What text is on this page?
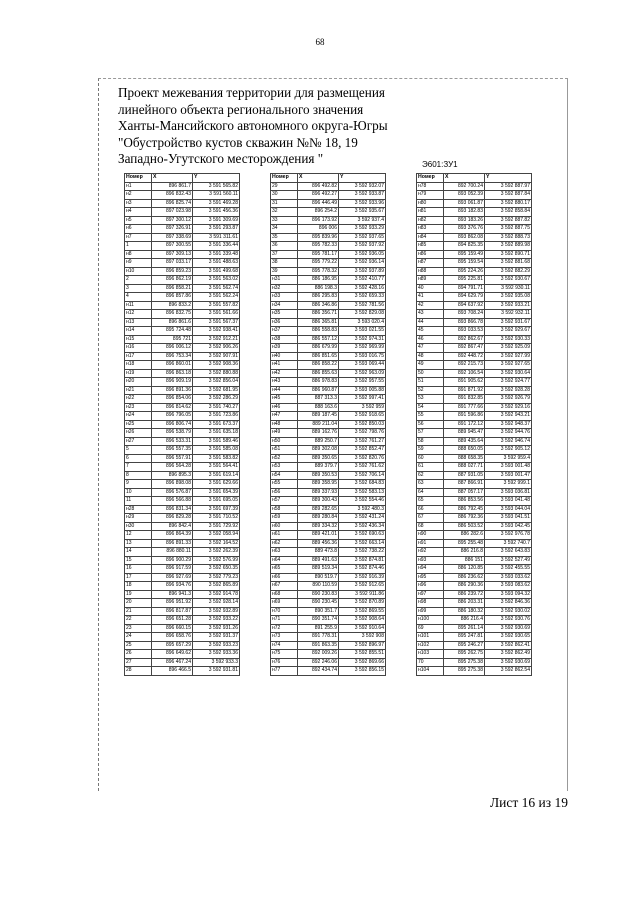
68
Проект межевания территории для размещения
линейного объекта регионального значения
Ханты-Мансийского автономного округа-Югры
"Обустройство кустов скважин №№ 18, 19
Западно-Угутского месторождения "	Э601:ЗУ1
Номер	X	Y
н1	896 861.7	3 591 565.82
н2	896 832.43	3 591 560.11
н3	896 825.74	3 591 469.28
н4	897 023.98	3 591 456.36
н5	897 300.12	3 591 309.69
н6	897 326.91	3 591 293.87
н7	897 338.69	3 591 311.61
1	897 300.55	3 591 336.44
н8	897 309.13	3 591 339.48
н9	897 033.17	3 591 488.63
н10	896 859.23	3 591 499.68
2	896 862.19	3 591 563.02
3	896 858.21	3 591 562.74
4	896 857.86	3 591 562.24
н11	896 833.2	3 591 557.82
н12	896 832.75	3 591 561.66
н13	896 861.6	3 591 567.37
н14	895 724.48	3 592 938.41
н15	895 721	3 592 912.21
н16	896 006.12	3 592 906.26
н17	896 753.34	3 592 907.91
н18	896 860.01	3 592 908.36
н19	896 863.18	3 592 880.88
н20	896 909.19	3 592 856.04
н21	896 891.36	3 592 681.95
н22	896 854.06	3 592 286.29
н23	896 814.62	3 591 740.27
н24	896 796.05	3 591 723.86
н25	896 806.74	3 591 673.37
н26	896 538.79	3 591 635.18
н27	896 533.31	3 591 589.46
5	896 557.35	3 591 585.08
6	896 557.91	3 591 583.82
7	896 564.28	3 591 564.41
8	896 895.3	3 591 619.14
9	896 898.08	3 591 629.66
10	896 576.87	3 591 654.39
11	896 566.88	3 591 695.05
н28	896 831.34	3 591 697.39
н29	896 829.28	3 591 710.52
н30	896 842.4	3 591 729.92
12	896 864.39	3 592 058.94
13	896 891.33	3 592 164.52
14	896 880.11	3 592 262.39
15	896 900.29	3 592 576.99
16	896 917.59	3 592 650.35
17	896 927.69	3 592 779.23
18	896 934.76	3 592 865.89
19	896 941.3	3 592 914.78
20	896 951.92	3 592 928.14
21	896 817.87	3 592 932.89
22	896 651.28	3 592 933.22
23	896 660.15	3 592 931.26
24	896 658.76	3 592 931.37
25	895 657.29	3 592 933.23
26	896 649.62	3 592 933.36
27	896 467.24	3 592 933.3
28	896 466.5	3 592 931.81
Номер	X	Y
29	896 492.82	3 592 932.07
30	896 492.27	3 592 933.87
31	896 446.49	3 592 933.96
32	896 254.2	3 592 935.67
33	896 173.92	3 592 937.4
34	896 006	3 592 933.29
35	895 839.96	3 592 937.65
36	895 782.33	3 592 937.92
37	895 781.17	3 592 936.05
38	895 779.22	3 592 936.14
39	895 778.32	3 592 937.89
н31	886 186.95	3 592 410.77
н32	886 198.3	3 592 428.16
н33	886 295.83	3 592 659.33
н34	886 346.86	3 592 781.56
н35	886 356.71	3 592 829.08
н36	886 365.81	3 593 020.4
н37	886 558.83	3 593 021.55
н38	886 557.12	3 592 974.31
н39	886 679.99	3 592 969.99
н40	886 851.65	3 593 016.75
н41	886 858.22	3 593 069.44
н42	886 855.63	3 592 963.09
н43	886 978.83	3 592 957.55
н44	886 960.87	3 593 005.88
н45	887 313.3	3 592 997.41
н46	888 163.6	3 592 959
н47	889 187.45	3 592 918.65
н48	889 211.04	3 592 850.03
н49	889 162.76	3 592 798.76
н50	889 250.7	3 592 761.27
н51	889 302.08	3 592 852.47
н52	889 350.65	3 592 820.76
н53	889 379.7	3 592 761.62
н54	889 350.53	3 592 706.14
н55	889 358.95	3 592 684.83
н56	889 337.93	3 592 583.13
н57	889 300.43	3 592 554.46
н58	889 282.65	3 592 480.3
н59	889 280.84	3 592 431.24
н60	889 334.32	3 592 436.34
н61	889 421.01	3 592 690.63
н62	889 456.36	3 592 663.14
н63	889 473.8	3 592 738.22
н64	889 491.63	3 592 874.81
н65	889 519.34	3 592 874.46
н66	890 519.7	3 592 916.39
н67	890 110.59	3 592 912.65
н68	890 230.83	3 592 911.86
н69	890 230.45	3 592 870.89
н70	890 351.7	3 592 869.55
н71	890 351.74	3 592 908.64
н72	891 255.9	3 592 910.64
н73	891 778.31	3 592 908
н74	891 863.35	3 592 896.97
н75	892 009.26	3 592 855.51
н76	892 246.06	3 592 869.66
н77	892 434.74	3 592 856.15
Номер	X	Y
н78	892 700.24	3 592 887.97
н79	893 052.39	3 592 887.84
н80	893 061.87	3 592 880.17
н81	893 182.83	3 592 858.84
н82	893 183.26	3 592 887.82
н83	893 376.76	3 592 887.75
н84	893 862.08	3 592 888.73
н85	894 825.35	3 592 889.98
н86	895 159.49	3 592 890.71
н87	895 159.54	3 592 881.68
н88	895 224.26	3 592 882.29
н89	895 225.81	3 592 930.67
40	894 791.71	3 592 930.11
41	894 629.79	3 592 935.08
42	894 637.92	3 592 933.21
43	893 708.24	3 592 932.11
44	893 866.78	3 592 931.67
45	893 033.53	3 592 929.67
46	892 862.67	3 592 930.33
47	892 867.47	3 592 925.09
48	892 448.72	3 592 927.99
49	892 215.73	3 592 927.65
50	892 106.54	3 592 930.64
51	891 905.62	3 592 924.77
52	891 871.92	3 592 928.28
53	891 832.85	3 592 926.79
54	891 777.66	3 592 929.16
55	891 596.86	3 592 943.21
56	891 172.12	3 592 948.37
57	889 945.47	3 592 944.76
58	889 435.64	3 592 946.74
59	888 650.05	3 592 905.12
60	888 658.35	3 592 959.4
61	888 027.71	3 593 001.48
62	887 931.05	3 593 001.47
63	887 866.91	3 592 999.1
64	887 057.17	3 593 036.81
65	886 853.56	3 593 041.48
66	886 792.45	3 593 044.04
67	886 792.36	3 593 041.51
68	886 503.52	3 593 042.45
н90	886 282.6	3 592 976.78
н91	895 255.48	3 592 740.7
н92	886 216.8	3 592 643.83
н93	886 151	3 592 527.49
н94	886 120.85	3 592 455.55
н95	886 236.62	3 593 033.62
н96	886 290.36	3 593 083.62
н97	886 239.72	3 593 094.32
н98	886 203.31	3 592 846.36
н99	886 180.32	3 592 930.02
н100	886 216.4	3 592 930.76
69	895 261.14	3 592 930.69
н101	895 247.81	3 592 930.65
н102	895 246.27	3 592 862.41
н103	895 262.75	3 592 862.49
70	895 275.38	3 592 930.69
н104	895 275.38	3 592 862.54
Лист 16 из 19
